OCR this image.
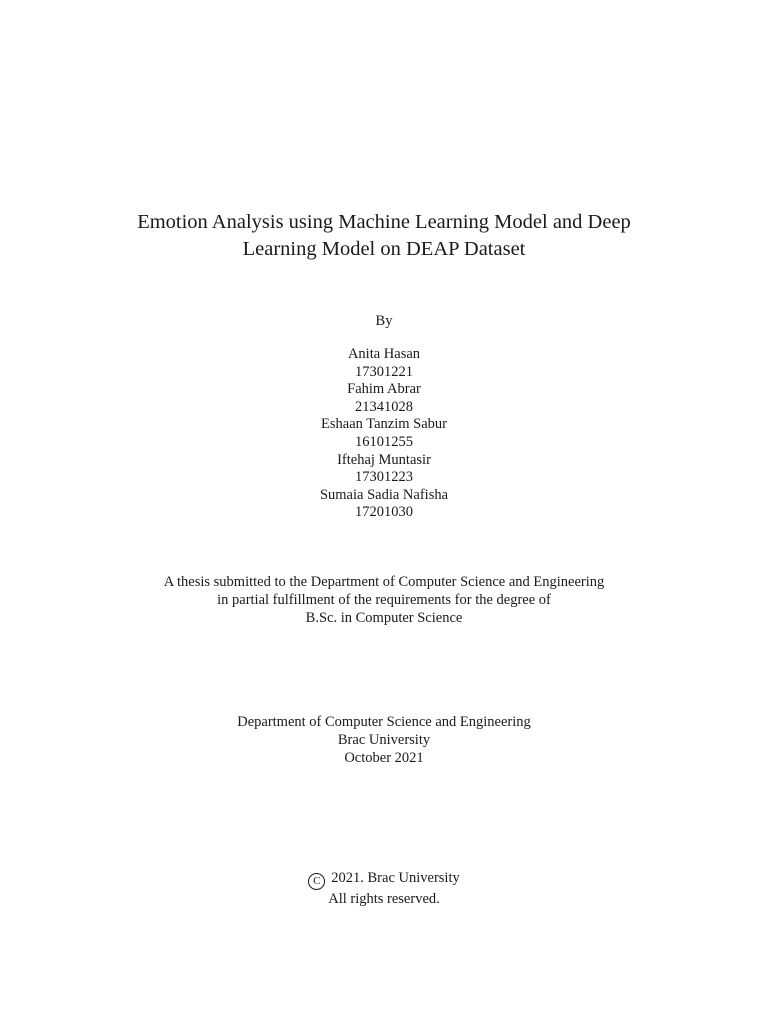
Emotion Analysis using Machine Learning Model and Deep
Learning Model on DEAP Dataset
By
Anita Hasan
17301221
Fahim Abrar
21341028
Eshaan Tanzim Sabur
16101255
Iftehaj Muntasir
17301223
Sumaia Sadia Nafisha
17201030
A thesis submitted to the Department of Computer Science and Engineering
in partial fulfillment of the requirements for the degree of
B.Sc. in Computer Science
Department of Computer Science and Engineering
Brac University
October 2021
C 2021. Brac University
All rights reserved.
